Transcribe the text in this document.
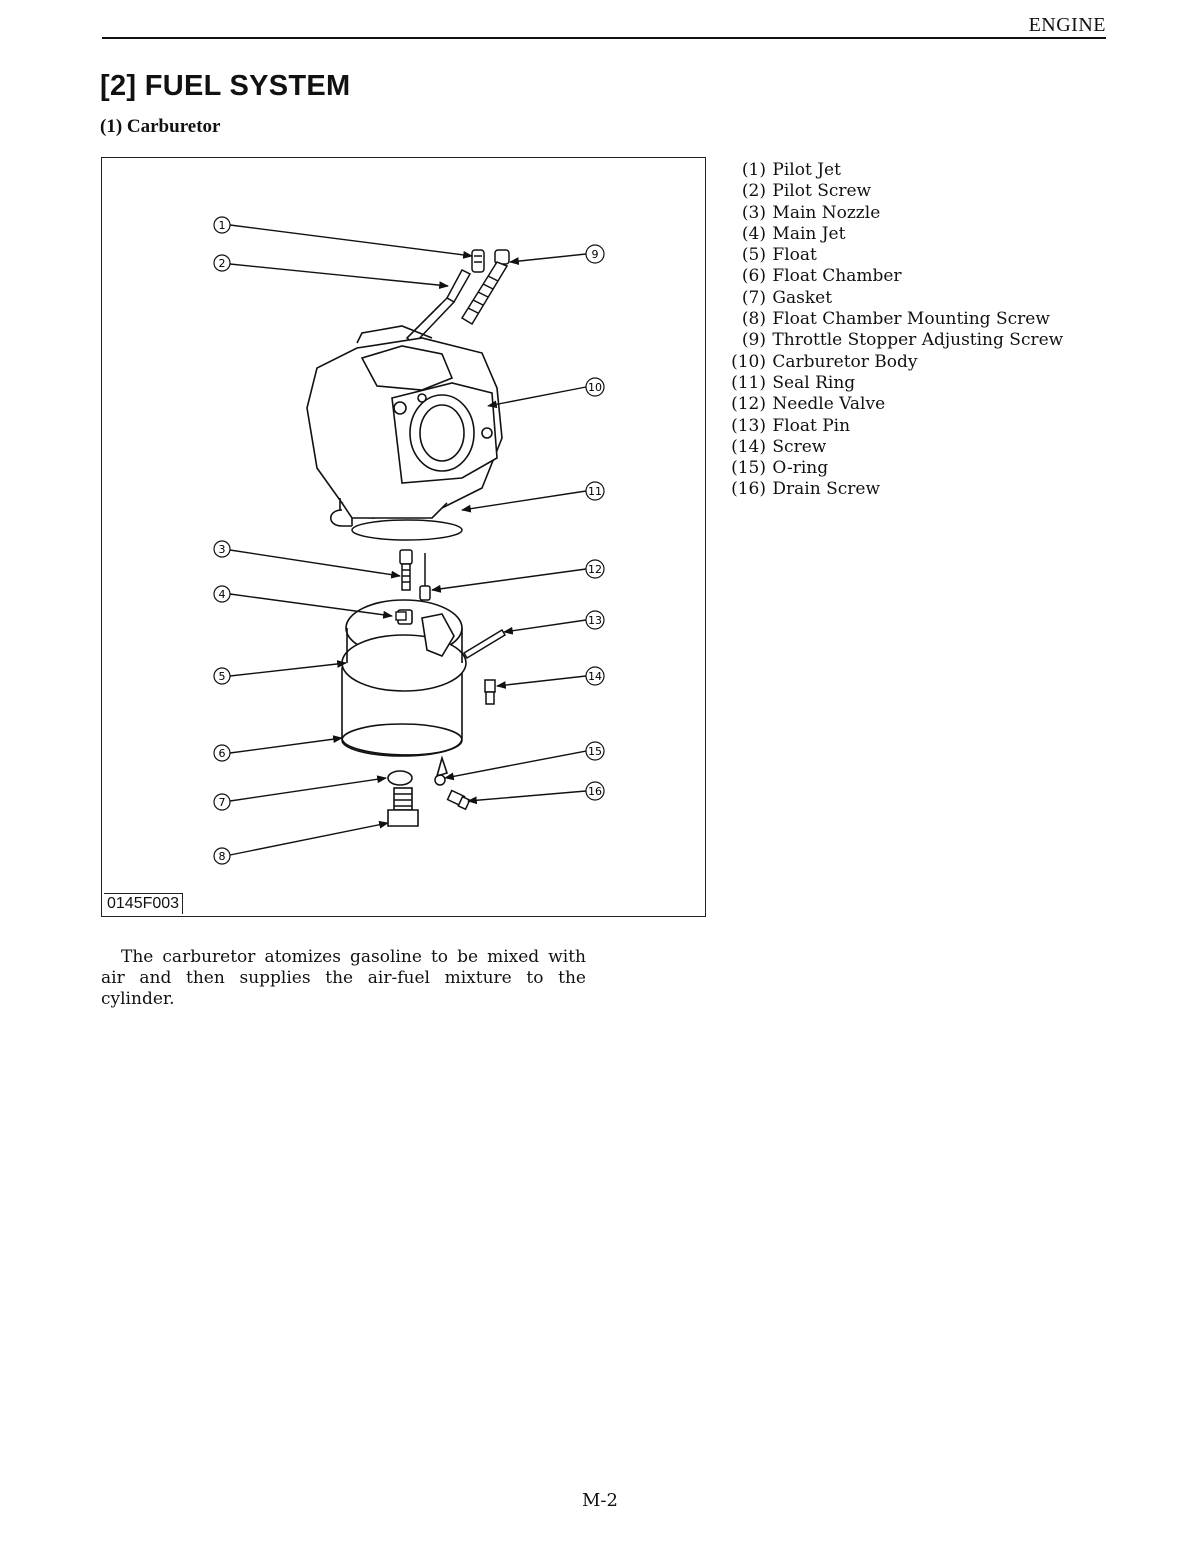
ENGINE
[2] FUEL SYSTEM
(1) Carburetor
1
2
3
4
5
6
7
8
9
10
11
12
13
14
15
16
0145F003
(1) Pilot Jet
(2) Pilot Screw
(3) Main Nozzle
(4) Main Jet
(5) Float
(6) Float Chamber
(7) Gasket
(8) Float Chamber Mounting Screw
(9) Throttle Stopper Adjusting Screw
(10) Carburetor Body
(11) Seal Ring
(12) Needle Valve
(13) Float Pin
(14) Screw
(15) O-ring
(16) Drain Screw

The carburetor atomizes gasoline to be mixed with air and then supplies the air-fuel mixture to the cylinder.

M-2
